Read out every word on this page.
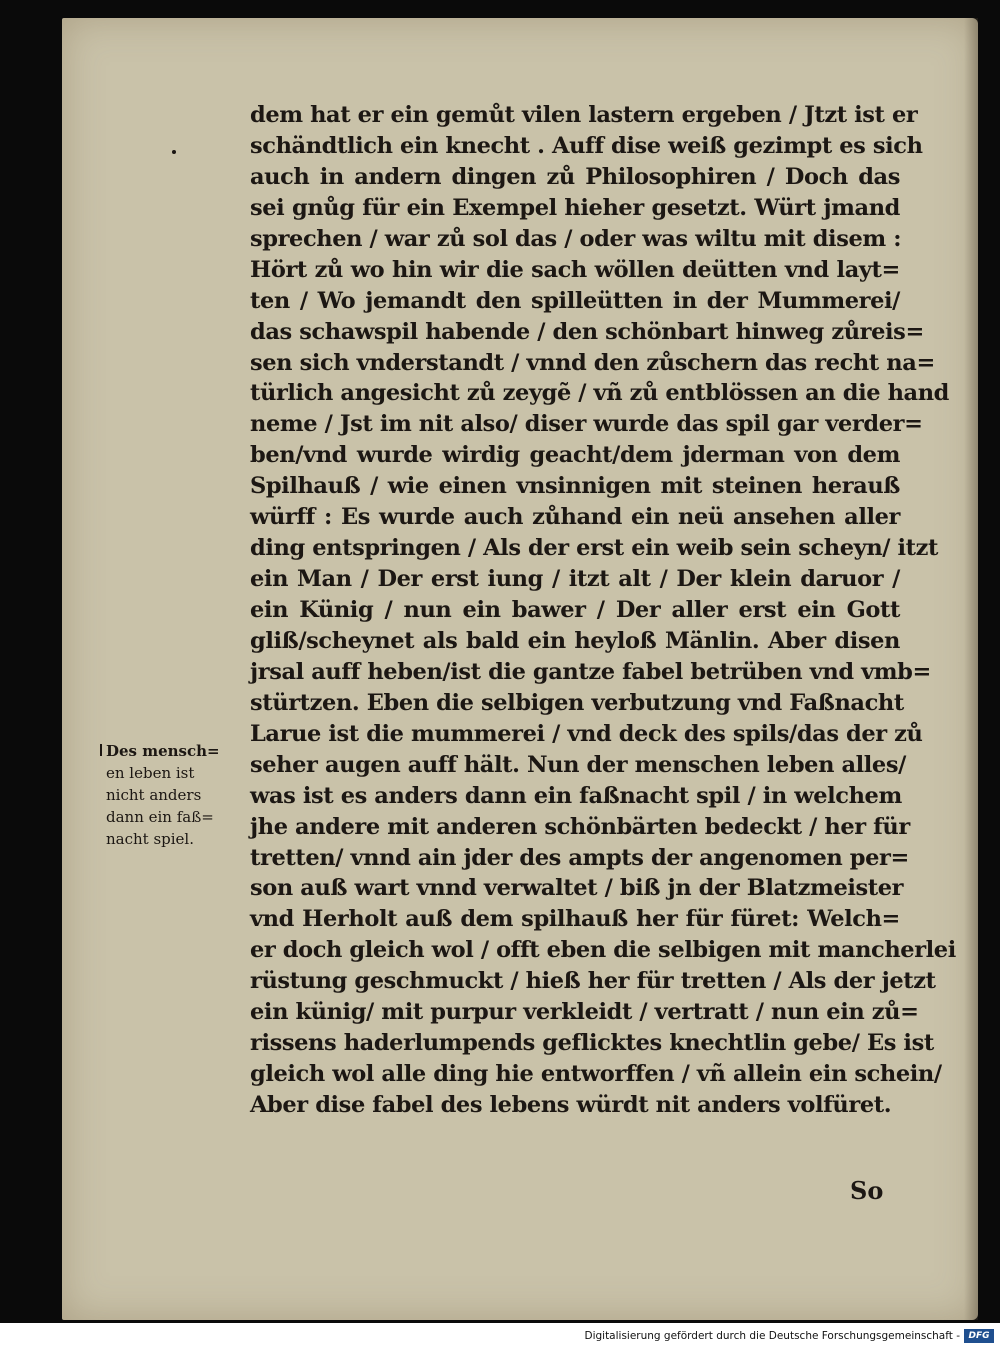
Des mensch=
en leben ist
nicht anders
dann ein faß=
nacht spiel.
dem hat er ein gemůt vilen lastern ergeben / Jtzt ist er
schändtlich ein knecht . Auff dise weiß gezimpt es sich
auch in andern dingen zů Philosophiren / Doch das
sei gnůg für ein Exempel hieher gesetzt. Würt jmand
sprechen / war zů sol das / oder was wiltu mit disem :
Hört zů wo hin wir die sach wöllen deütten vnd layt=
ten / Wo jemandt den spilleütten in der Mummerei/
das schawspil habende / den schönbart hinweg zůreis=
sen sich vnderstandt / vnnd den zůschern das recht na=
türlich angesicht zů zeygẽ / vñ zů entblössen an die hand
neme / Jst im nit also/ diser wurde das spil gar verder=
ben/vnd wurde wirdig geacht/dem jderman von dem
Spilhauß / wie einen vnsinnigen mit steinen herauß
würff : Es wurde auch zůhand ein neü ansehen aller
ding entspringen / Als der erst ein weib sein scheyn/ itzt
ein Man / Der erst iung / itzt alt / Der klein daruor /
ein Künig / nun ein bawer / Der aller erst ein Gott
gliß/scheynet als bald ein heyloß Mänlin. Aber disen
jrsal auff heben/ist die gantze fabel betrüben vnd vmb=
stürtzen. Eben die selbigen verbutzung vnd Faßnacht
Larue ist die mummerei / vnd deck des spils/das der zů
seher augen auff hält. Nun der menschen leben alles/
was ist es anders dann ein faßnacht spil / in welchem
jhe andere mit anderen schönbärten bedeckt / her für
tretten/ vnnd ain jder des ampts der angenomen per=
son auß wart vnnd verwaltet / biß jn der Blatzmeister
vnd Herholt auß dem spilhauß her für füret: Welch=
er doch gleich wol / offt eben die selbigen mit mancherlei
rüstung geschmuckt / hieß her für tretten / Als der jetzt
ein künig/ mit purpur verkleidt / vertratt / nun ein zů=
rissens haderlumpends geflicktes knechtlin gebe/ Es ist
gleich wol alle ding hie entworffen / vñ allein ein schein/
Aber dise fabel des lebens würdt nit anders volfüret.
So
Digitalisierung gefördert durch die Deutsche Forschungsgemeinschaft - DFG
